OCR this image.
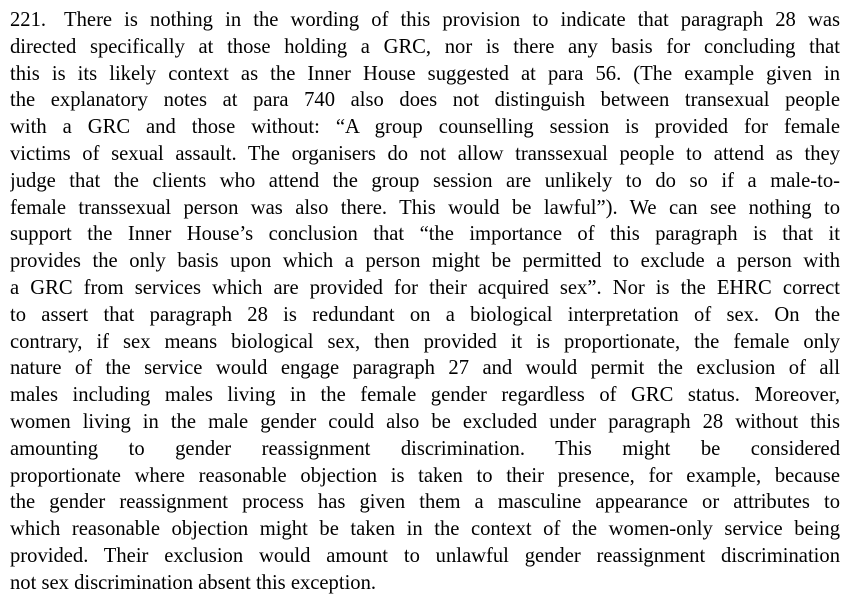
221. There is nothing in the wording of this provision to indicate that paragraph 28 was
directed specifically at those holding a GRC, nor is there any basis for concluding that
this is its likely context as the Inner House suggested at para 56. (The example given in
the explanatory notes at para 740 also does not distinguish between transexual people
with a GRC and those without: “A group counselling session is provided for female
victims of sexual assault. The organisers do not allow transsexual people to attend as they
judge that the clients who attend the group session are unlikely to do so if a male-to-
female transsexual person was also there. This would be lawful”). We can see nothing to
support the Inner House’s conclusion that “the importance of this paragraph is that it
provides the only basis upon which a person might be permitted to exclude a person with
a GRC from services which are provided for their acquired sex”. Nor is the EHRC correct
to assert that paragraph 28 is redundant on a biological interpretation of sex. On the
contrary, if sex means biological sex, then provided it is proportionate, the female only
nature of the service would engage paragraph 27 and would permit the exclusion of all
males including males living in the female gender regardless of GRC status. Moreover,
women living in the male gender could also be excluded under paragraph 28 without this
amounting to gender reassignment discrimination. This might be considered
proportionate where reasonable objection is taken to their presence, for example, because
the gender reassignment process has given them a masculine appearance or attributes to
which reasonable objection might be taken in the context of the women-only service being
provided. Their exclusion would amount to unlawful gender reassignment discrimination
not sex discrimination absent this exception.
